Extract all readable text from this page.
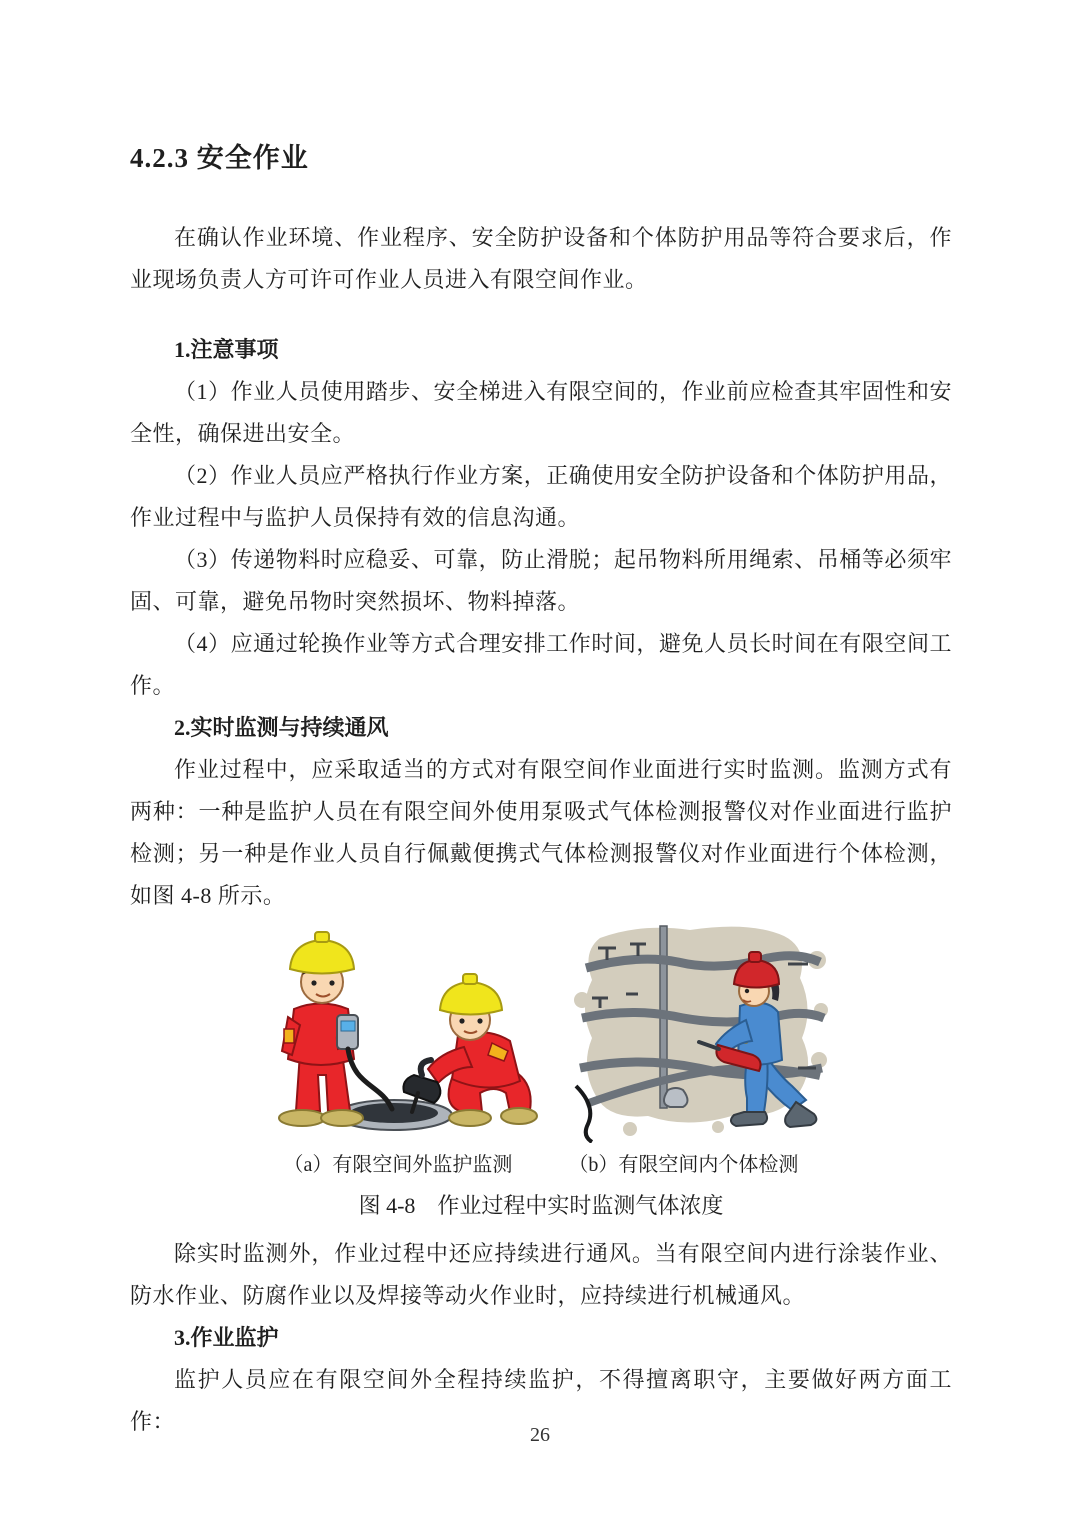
4.2.3 安全作业

在确认作业环境、作业程序、安全防护设备和个体防护用品等符合要求后，作业现场负责人方可许可作业人员进入有限空间作业。

1.注意事项

（1）作业人员使用踏步、安全梯进入有限空间的，作业前应检查其牢固性和安全性，确保进出安全。

（2）作业人员应严格执行作业方案，正确使用安全防护设备和个体防护用品，作业过程中与监护人员保持有效的信息沟通。

（3）传递物料时应稳妥、可靠，防止滑脱；起吊物料所用绳索、吊桶等必须牢固、可靠，避免吊物时突然损坏、物料掉落。

（4）应通过轮换作业等方式合理安排工作时间，避免人员长时间在有限空间工作。

2.实时监测与持续通风

作业过程中，应采取适当的方式对有限空间作业面进行实时监测。监测方式有两种：一种是监护人员在有限空间外使用泵吸式气体检测报警仪对作业面进行监护检测；另一种是作业人员自行佩戴便携式气体检测报警仪对作业面进行个体检测，如图 4-8 所示。

（a）有限空间外监护监测	（b）有限空间内个体检测
图 4-8　作业过程中实时监测气体浓度

除实时监测外，作业过程中还应持续进行通风。当有限空间内进行涂装作业、防水作业、防腐作业以及焊接等动火作业时，应持续进行机械通风。

3.作业监护

监护人员应在有限空间外全程持续监护，不得擅离职守，主要做好两方面工作：

26
